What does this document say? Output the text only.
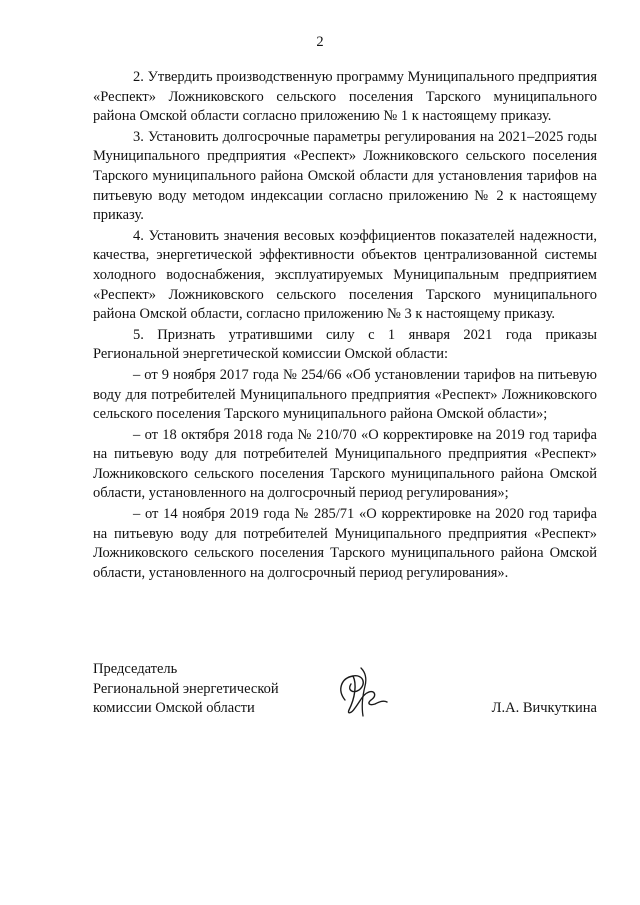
2

2. Утвердить производственную программу Муниципального предприятия «Респект» Ложниковского сельского поселения Тарского муниципального района Омской области согласно приложению № 1 к настоящему приказу.

3. Установить долгосрочные параметры регулирования на 2021–2025 годы Муниципального предприятия «Респект» Ложниковского сельского поселения Тарского муниципального района Омской области для установления тарифов на питьевую воду методом индексации согласно приложению № 2 к настоящему приказу.

4. Установить значения весовых коэффициентов показателей надежности, качества, энергетической эффективности объектов централизованной системы холодного водоснабжения, эксплуатируемых Муниципальным предприятием «Респект» Ложниковского сельского поселения Тарского муниципального района Омской области, согласно приложению № 3 к настоящему приказу.

5. Признать утратившими силу с 1 января 2021 года приказы Региональной энергетической комиссии Омской области:

– от 9 ноября 2017 года № 254/66 «Об установлении тарифов на питьевую воду для потребителей Муниципального предприятия «Респект» Ложниковского сельского поселения Тарского муниципального района Омской области»;

– от 18 октября 2018 года № 210/70 «О корректировке на 2019 год тарифа на питьевую воду для потребителей Муниципального предприятия «Респект» Ложниковского сельского поселения Тарского муниципального района Омской области, установленного на долгосрочный период регулирования»;

– от 14 ноября 2019 года № 285/71 «О корректировке на 2020 год тарифа на питьевую воду для потребителей Муниципального предприятия «Респект» Ложниковского сельского поселения Тарского муниципального района Омской области, установленного на долгосрочный период регулирования».

Председатель
Региональной энергетической
комиссии Омской области	Л.А. Вичкуткина
